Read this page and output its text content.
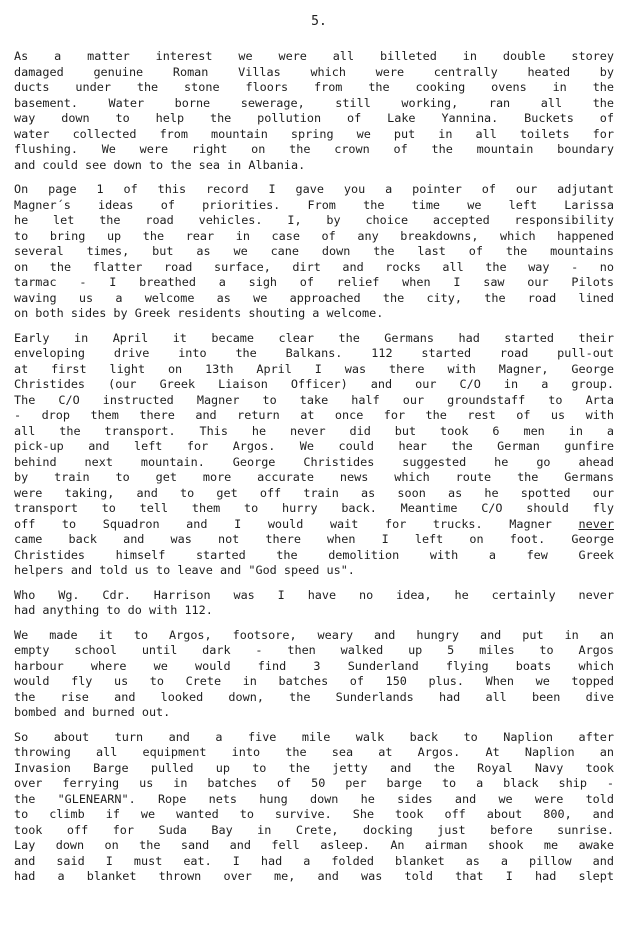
5.
As a matter interest we were all billeted in double storey
damaged genuine Roman Villas which were centrally heated by
ducts under the stone floors from the cooking ovens in the
basement. Water borne sewerage, still working, ran all the
way down to help the pollution of Lake Yannina. Buckets of
water collected from mountain spring we put in all toilets for
flushing. We were right on the crown of the mountain boundary
and could see down to the sea in Albania.
On page 1 of this record I gave you a pointer of our adjutant
Magner´s ideas of priorities. From the time we left Larissa
he let the road vehicles. I, by choice accepted responsibility
to bring up the rear in case of any breakdowns, which happened
several times, but as we cane down the last of the mountains
on the flatter road surface, dirt and rocks all the way - no
tarmac - I breathed a sigh of relief when I saw our Pilots
waving us a welcome as we approached the city, the road lined
on both sides by Greek residents shouting a welcome.
Early in April it became clear the Germans had started their
enveloping drive into the Balkans. 112 started road pull-out
at first light on 13th April I was there with Magner, George
Christides (our Greek Liaison Officer) and our C/O in a group.
The C/O instructed Magner to take half our groundstaff to Arta
- drop them there and return at once for the rest of us with
all the transport. This he never did but took 6 men in a
pick-up and left for Argos. We could hear the German gunfire
behind next mountain. George Christides suggested he go ahead
by train to get more accurate news which route the Germans
were taking, and to get off train as soon as he spotted our
transport to tell them to hurry back. Meantime C/O should fly
off to Squadron and I would wait for trucks. Magner never
came back and was not there when I left on foot. George
Christides himself started the demolition with a few Greek
helpers and told us to leave and "God speed us".
Who Wg. Cdr. Harrison was I have no idea, he certainly never
had anything to do with 112.
We made it to Argos, footsore, weary and hungry and put in an
empty school until dark - then walked up 5 miles to Argos
harbour where we would find 3 Sunderland flying boats which
would fly us to Crete in batches of 150 plus. When we topped
the rise and looked down, the Sunderlands had all been dive
bombed and burned out.
So about turn and a five mile walk back to Naplion after
throwing all equipment into the sea at Argos. At Naplion an
Invasion Barge pulled up to the jetty and the Royal Navy took
over ferrying us in batches of 50 per barge to a black ship -
the "GLENEARN". Rope nets hung down he sides and we were told
to climb if we wanted to survive. She took off about 800, and
took off for Suda Bay in Crete, docking just before sunrise.
Lay down on the sand and fell asleep. An airman shook me awake
and said I must eat. I had a folded blanket as a pillow and
had a blanket thrown over me, and was told that I had slept
